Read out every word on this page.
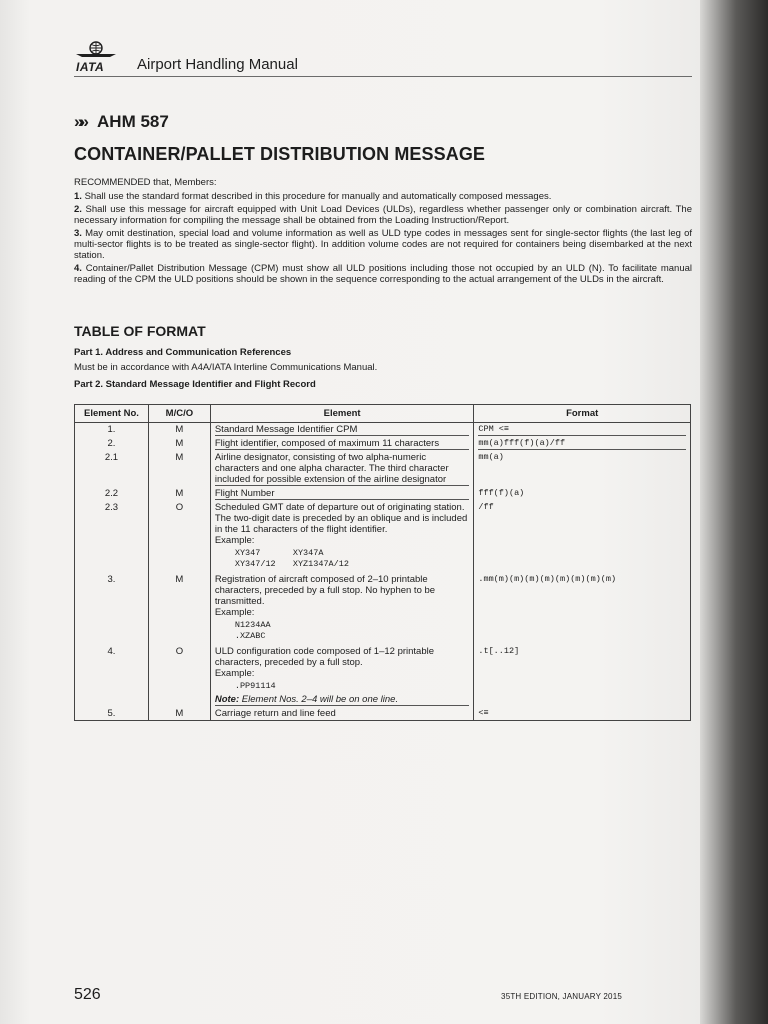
IATA Airport Handling Manual
»» AHM 587
CONTAINER/PALLET DISTRIBUTION MESSAGE
RECOMMENDED that, Members:
1. Shall use the standard format described in this procedure for manually and automatically composed messages.
2. Shall use this message for aircraft equipped with Unit Load Devices (ULDs), regardless whether passenger only or combination aircraft. The necessary information for compiling the message shall be obtained from the Loading Instruction/Report.
3. May omit destination, special load and volume information as well as ULD type codes in messages sent for single-sector flights (the last leg of multi-sector flights is to be treated as single-sector flight). In addition volume codes are not required for containers being disembarked at the next station.
4. Container/Pallet Distribution Message (CPM) must show all ULD positions including those not occupied by an ULD (N). To facilitate manual reading of the CPM the ULD positions should be shown in the sequence corresponding to the actual arrangement of the ULDs in the aircraft.
TABLE OF FORMAT
Part 1. Address and Communication References
Must be in accordance with A4A/IATA Interline Communications Manual.
Part 2. Standard Message Identifier and Flight Record
Element No.	M/C/O	Element	Format
1.	M	Standard Message Identifier CPM	CPM <≡

2.	M	Flight identifier, composed of maximum 11 characters	mm(a)fff(f)(a)/ff

2.1	M	Airline designator, consisting of two alpha-numeric characters and one alpha character. The third character included for possible extension of the airline designator	mm(a)
2.2	M	Flight Number	fff(f)(a)
2.3	O	Scheduled GMT date of departure out of originating station. The two-digit date is preceded by an oblique and is included in the 11 characters of the flight identifier.
Example:
XY347 XY347A
XY347/12 XYZ1347A/12	/ff
3.	M	Registration of aircraft composed of 2–10 printable characters, preceded by a full stop. No hyphen to be transmitted.
Example:
N1234AA
.XZABC	.mm(m)(m)(m)(m)(m)(m)(m)(m)
4.	O	ULD configuration code composed of 1–12 printable characters, preceded by a full stop.
Example:
.PP91114
Note: Element Nos. 2–4 will be on one line.	.t[..12]
5.	M	Carriage return and line feed	<≡
526	35TH EDITION, JANUARY 2015
